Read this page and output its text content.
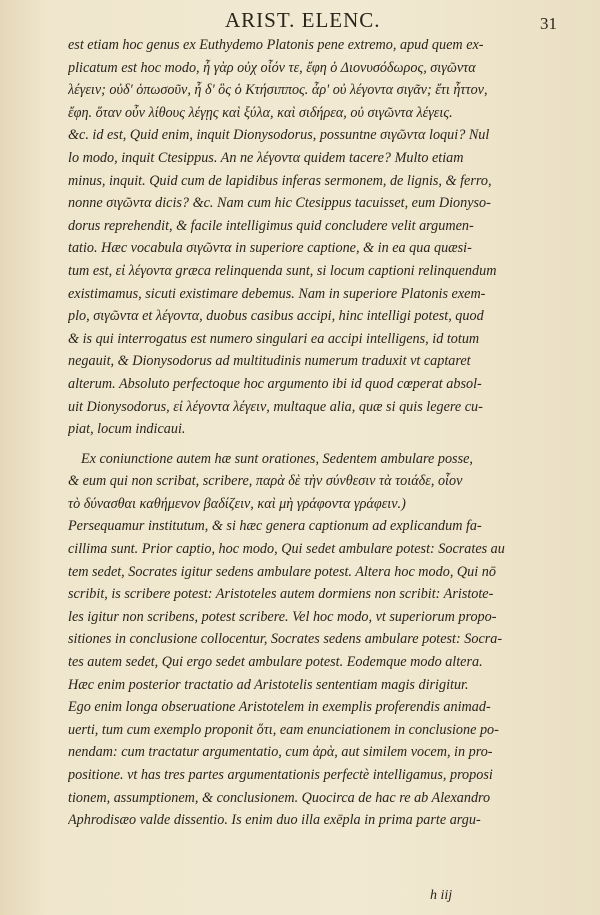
ARIST. ELENC.	31
est etiam hoc genus ex Euthydemo Platonis pene extremo, apud quem ex-
plicatum est hoc modo, ἦ γὰρ οὐχ οἷόν τε, ἔφη ὁ Διονυσόδωρος, σιγῶντα
λέγειν; οὐδ' ὁπωσοῦν, ἦ δ' ὃς ὁ Κτήσιππος. ἆρ' οὐ λέγοντα σιγᾶν; ἔτι ἧττον,
ἔφη. ὅταν οὖν λίθους λέγῃς καὶ ξύλα, καὶ σιδήρεα, οὐ σιγῶντα λέγεις.
&c. id est, Quid enim, inquit Dionysodorus, possuntne σιγῶντα loqui? Nul
lo modo, inquit Ctesippus. An ne λέγοντα quidem tacere? Multo etiam
minus, inquit. Quid cum de lapidibus inferas sermonem, de lignis, & ferro,
nonne σιγῶντα dicis? &c. Nam cum hic Ctesippus tacuisset, eum Dionyso-
dorus reprehendit, & facile intelligimus quid concludere velit argumen-
tatio. Hæc vocabula σιγῶντα in superiore captione, & in ea qua quæsi-
tum est, εἰ λέγοντα græca relinquenda sunt, si locum captioni relinquendum
existimamus, sicuti existimare debemus. Nam in superiore Platonis exem-
plo, σιγῶντα et λέγοντα, duobus casibus accipi, hinc intelligi potest, quod
& is qui interrogatus est numero singulari ea accipi intelligens, id totum
negauit, & Dionysodorus ad multitudinis numerum traduxit vt captaret
alterum. Absoluto perfectoque hoc argumento ibi id quod cœperat absol-
uit Dionysodorus, εἰ λέγοντα λέγειν, multaque alia, quæ si quis legere cu-
piat, locum indicaui.
Ex coniunctione autem hæ sunt orationes, Sedentem ambulare posse,
& eum qui non scribat, scribere, παρὰ δὲ τὴν σύνθεσιν τὰ τοιάδε, οἷον
τὸ δύνασθαι καθήμενον βαδίζειν, καὶ μὴ γράφοντα γράφειν.)
Persequamur institutum, & si hæc genera captionum ad explicandum fa-
cillima sunt. Prior captio, hoc modo, Qui sedet ambulare potest: Socrates au
tem sedet, Socrates igitur sedens ambulare potest. Altera hoc modo, Qui nō
scribit, is scribere potest: Aristoteles autem dormiens non scribit: Aristote-
les igitur non scribens, potest scribere. Vel hoc modo, vt superiorum propo-
sitiones in conclusione collocentur, Socrates sedens ambulare potest: Socra-
tes autem sedet, Qui ergo sedet ambulare potest. Eodemque modo altera.
Hæc enim posterior tractatio ad Aristotelis sententiam magis dirigitur.
Ego enim longa obseruatione Aristotelem in exemplis proferendis animad-
uerti, tum cum exemplo proponit ὅτι, eam enunciationem in conclusione po-
nendam: cum tractatur argumentatio, cum ἀρὰ, aut similem vocem, in pro-
positione. vt has tres partes argumentationis perfectè intelligamus, proposi
tionem, assumptionem, & conclusionem. Quocirca de hac re ab Alexandro
Aphrodisæo valde dissentio. Is enim duo illa exēpla in prima parte argu-
h iij
